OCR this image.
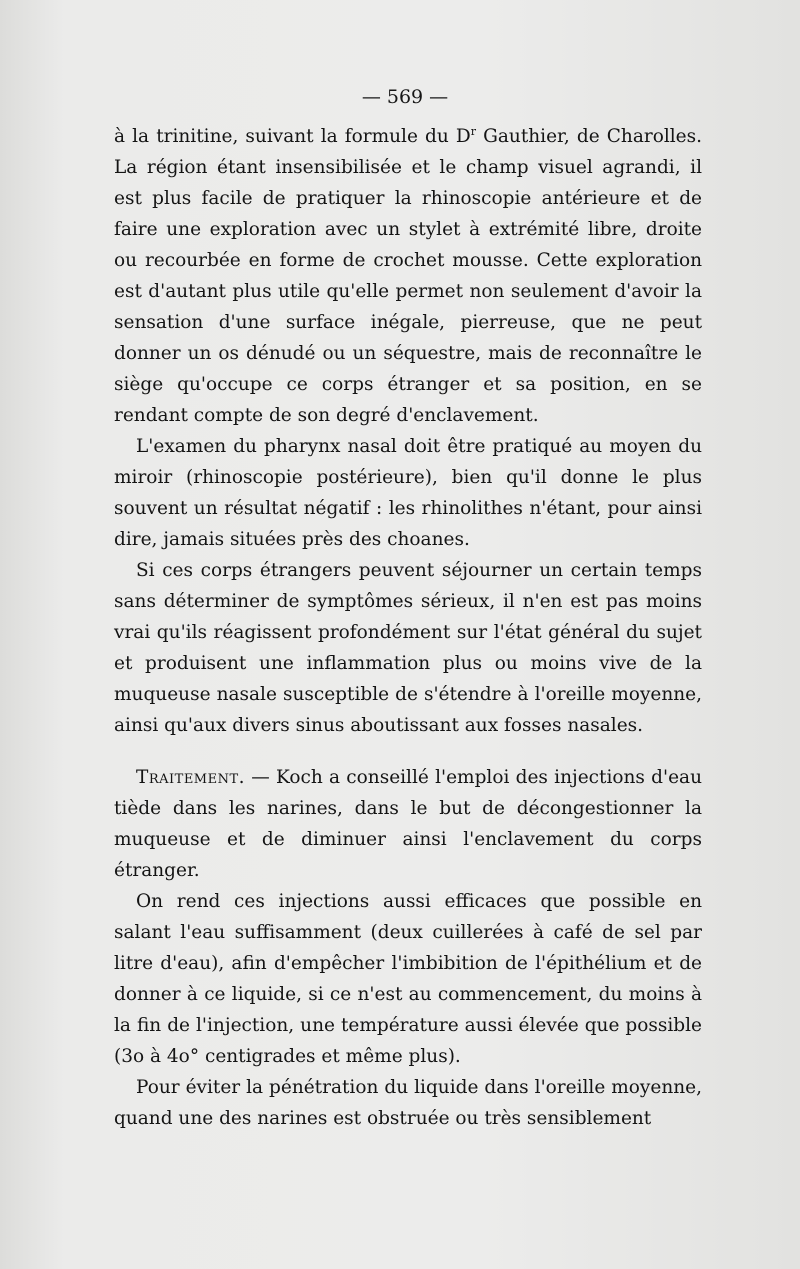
— 569 —

à la trinitine, suivant la formule du $D^r$ Gauthier, de Charolles. La région étant insensibilisée et le champ visuel agrandi, il est plus facile de pratiquer la rhinoscopie antérieure et de faire une exploration avec un stylet à extrémité libre, droite ou recourbée en forme de crochet mousse. Cette exploration est d'autant plus utile qu'elle permet non seulement d'avoir la sensation d'une surface inégale, pierreuse, que ne peut donner un os dénudé ou un séquestre, mais de reconnaître le siège qu'occupe ce corps étranger et sa position, en se rendant compte de son degré d'enclavement.

L'examen du pharynx nasal doit être pratiqué au moyen du miroir (rhinoscopie postérieure), bien qu'il donne le plus souvent un résultat négatif : les rhinolithes n'étant, pour ainsi dire, jamais situées près des choanes.

Si ces corps étrangers peuvent séjourner un certain temps sans déterminer de symptômes sérieux, il n'en est pas moins vrai qu'ils réagissent profondément sur l'état général du sujet et produisent une inflammation plus ou moins vive de la muqueuse nasale susceptible de s'étendre à l'oreille moyenne, ainsi qu'aux divers sinus aboutissant aux fosses nasales.

Traitement. — Koch a conseillé l'emploi des injections d'eau tiède dans les narines, dans le but de décongestionner la muqueuse et de diminuer ainsi l'enclavement du corps étranger.

On rend ces injections aussi efficaces que possible en salant l'eau suffisamment (deux cuillerées à café de sel par litre d'eau), afin d'empêcher l'imbibition de l'épithélium et de donner à ce liquide, si ce n'est au commencement, du moins à la fin de l'injection, une température aussi élevée que possible (3o à 4o° centigrades et même plus).

Pour éviter la pénétration du liquide dans l'oreille moyenne, quand une des narines est obstruée ou très sensiblement
